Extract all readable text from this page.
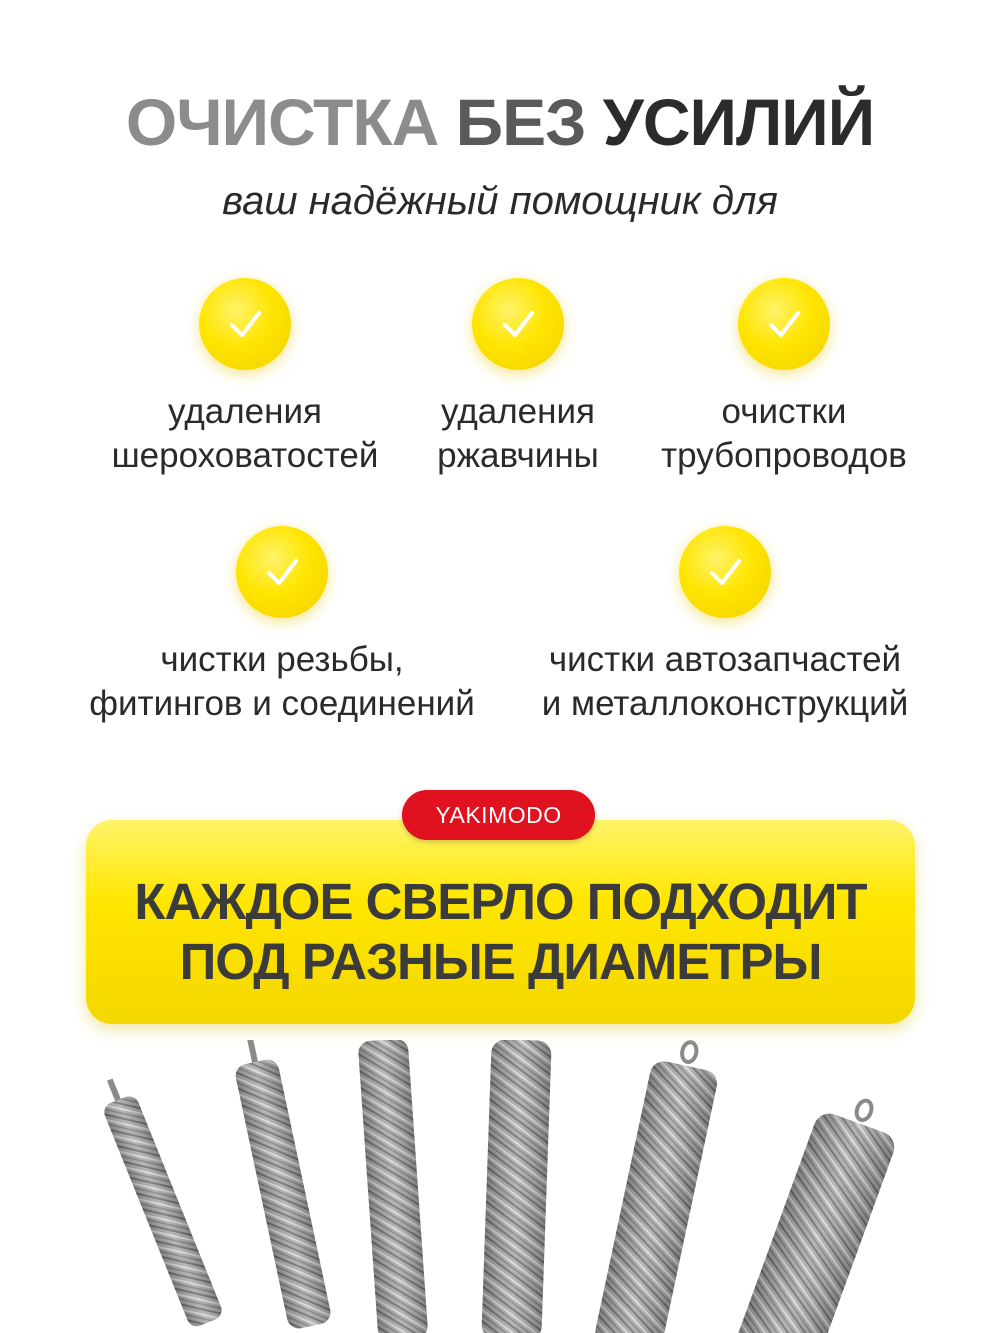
ОЧИСТКА БЕЗ УСИЛИЙ
ваш надёжный помощник для
удаления
шероховатостей
удаления
ржавчины
очистки
трубопроводов
чистки резьбы,
фитингов и соединений
чистки автозапчастей
и металлоконструкций
КАЖДОЕ СВЕРЛО ПОДХОДИТ
ПОД РАЗНЫЕ ДИАМЕТРЫ
YAKIMODO
